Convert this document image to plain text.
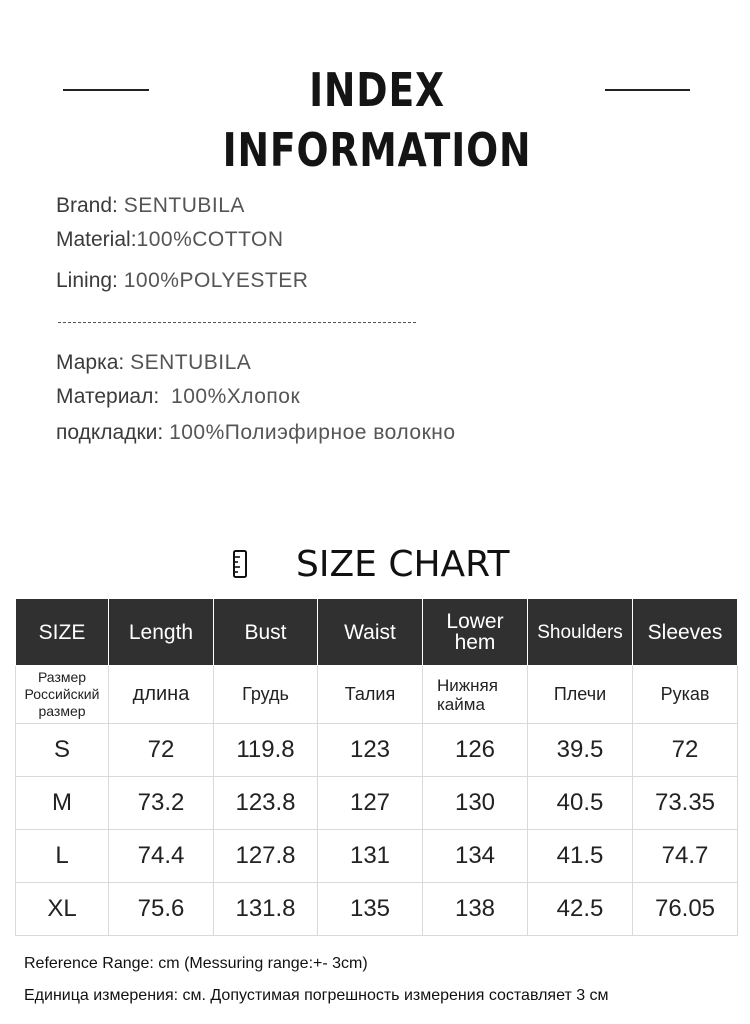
INDEX INFORMATION
Brand: SENTUBILA
Material:100%COTTON
Lining: 100%POLYESTER
Марка: SENTUBILA
Материал: 100%Хлопок
подкладки: 100%Полиэфирное волокно
SIZE CHART
SIZE	Length	Bust	Waist	Lower hem	Shoulders	Sleeves
Размер Российский размер	длина	Грудь	Талия	Нижняя кайма	Плечи	Рукав
S	72	119.8	123	126	39.5	72
M	73.2	123.8	127	130	40.5	73.35
L	74.4	127.8	131	134	41.5	74.7
XL	75.6	131.8	135	138	42.5	76.05
Reference Range: cm (Messuring range:+- 3cm)
Единица измерения: см. Допустимая погрешность измерения составляет 3 см
